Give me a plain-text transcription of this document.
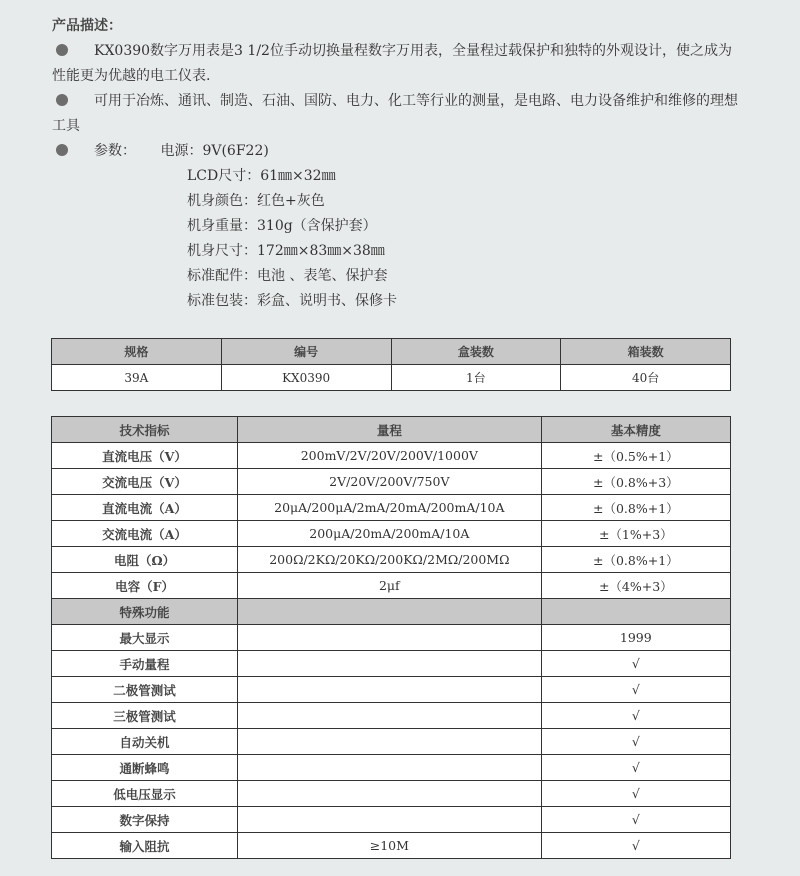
产品描述：
KX0390数字万用表是3 1/2位手动切换量程数字万用表，全量程过载保护和独特的外观设计，使之成为性能更为优越的电工仪表.
可用于冶炼、通讯、制造、石油、国防、电力、化工等行业的测量，是电路、电力设备维护和维修的理想工具
参数： 电源：9V(6F22)
LCD尺寸：61㎜×32㎜
机身颜色：红色+灰色
机身重量：310g（含保护套）
机身尺寸：172㎜×83㎜×38㎜
标准配件：电池 、表笔、保护套
标准包装：彩盒、说明书、保修卡
规格	编号	盒装数	箱装数
39A	KX0390	1台	40台
技术指标	量程	基本精度
直流电压（V）	200mV/2V/20V/200V/1000V	±（0.5%+1）
交流电压（V）	2V/20V/200V/750V	±（0.8%+3）
直流电流（A）	20μA/200μA/2mA/20mA/200mA/10A	±（0.8%+1）
交流电流（A）	200μA/20mA/200mA/10A	±（1%+3）
电阻（Ω）	200Ω/2KΩ/20KΩ/200KΩ/2MΩ/200MΩ	±（0.8%+1）
电容（F）	2μf	±（4%+3）
特殊功能		
最大显示		1999
手动量程		√
二极管测试		√
三极管测试		√
自动关机		√
通断蜂鸣		√
低电压显示		√
数字保持		√
输入阻抗	≥10M	√
